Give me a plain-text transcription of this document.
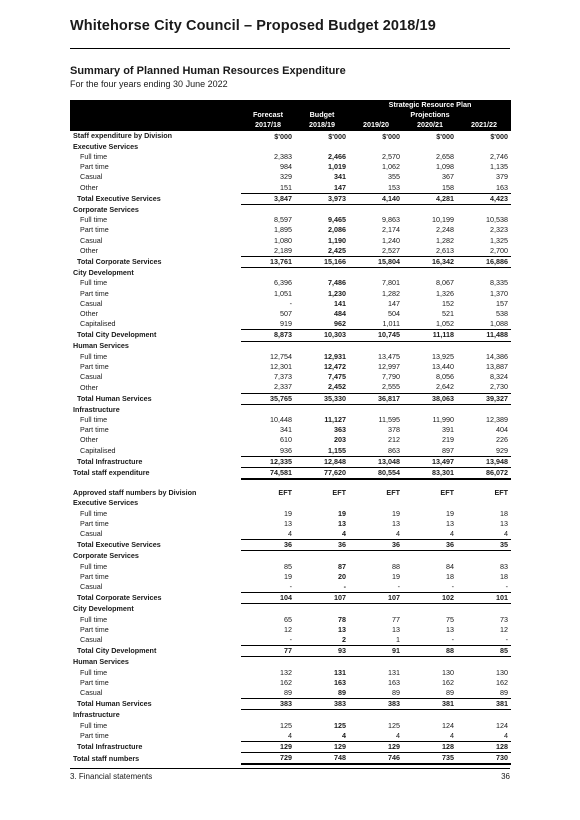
Whitehorse City Council – Proposed Budget 2018/19
Summary of Planned Human Resources Expenditure
For the four years ending 30 June 2022
			Strategic Resource Plan		
	Forecast	Budget		Projections	
	2017/18	2018/19	2019/20	2020/21	2021/22
Staff expenditure by Division	$'000	$'000	$'000	$'000	$'000
Executive Services					
Full time	2,383	2,466	2,570	2,658	2,746
Part time	984	1,019	1,062	1,098	1,135
Casual	329	341	355	367	379
Other	151	147	153	158	163
Total Executive Services	3,847	3,973	4,140	4,281	4,423
Corporate Services					
Full time	8,597	9,465	9,863	10,199	10,538
Part time	1,895	2,086	2,174	2,248	2,323
Casual	1,080	1,190	1,240	1,282	1,325
Other	2,189	2,425	2,527	2,613	2,700
Total Corporate Services	13,761	15,166	15,804	16,342	16,886
City Development					
Full time	6,396	7,486	7,801	8,067	8,335
Part time	1,051	1,230	1,282	1,326	1,370
Casual	-	141	147	152	157
Other	507	484	504	521	538
Capitalised	919	962	1,011	1,052	1,088
Total City Development	8,873	10,303	10,745	11,118	11,488
Human Services					
Full time	12,754	12,931	13,475	13,925	14,386
Part time	12,301	12,472	12,997	13,440	13,887
Casual	7,373	7,475	7,790	8,056	8,324
Other	2,337	2,452	2,555	2,642	2,730
Total Human Services	35,765	35,330	36,817	38,063	39,327
Infrastructure					
Full time	10,448	11,127	11,595	11,990	12,389
Part time	341	363	378	391	404
Other	610	203	212	219	226
Capitalised	936	1,155	863	897	929
Total Infrastructure	12,335	12,848	13,048	13,497	13,948
Total staff expenditure	74,581	77,620	80,554	83,301	86,072

Approved staff numbers by Division	EFT	EFT	EFT	EFT	EFT
Executive Services					
Full time	19	19	19	19	18
Part time	13	13	13	13	13
Casual	4	4	4	4	4
Total Executive Services	36	36	36	36	35
Corporate Services					
Full time	85	87	88	84	83
Part time	19	20	19	18	18
Casual	-	-	-	-	-
Total Corporate Services	104	107	107	102	101
City Development					
Full time	65	78	77	75	73
Part time	12	13	13	13	12
Casual	-	2	1	-	-
Total City Development	77	93	91	88	85
Human Services					
Full time	132	131	131	130	130
Part time	162	163	163	162	162
Casual	89	89	89	89	89
Total Human Services	383	383	383	381	381
Infrastructure					
Full time	125	125	125	124	124
Part time	4	4	4	4	4
Total Infrastructure	129	129	129	128	128
Total staff numbers	729	748	746	735	730
3. Financial statements	36
